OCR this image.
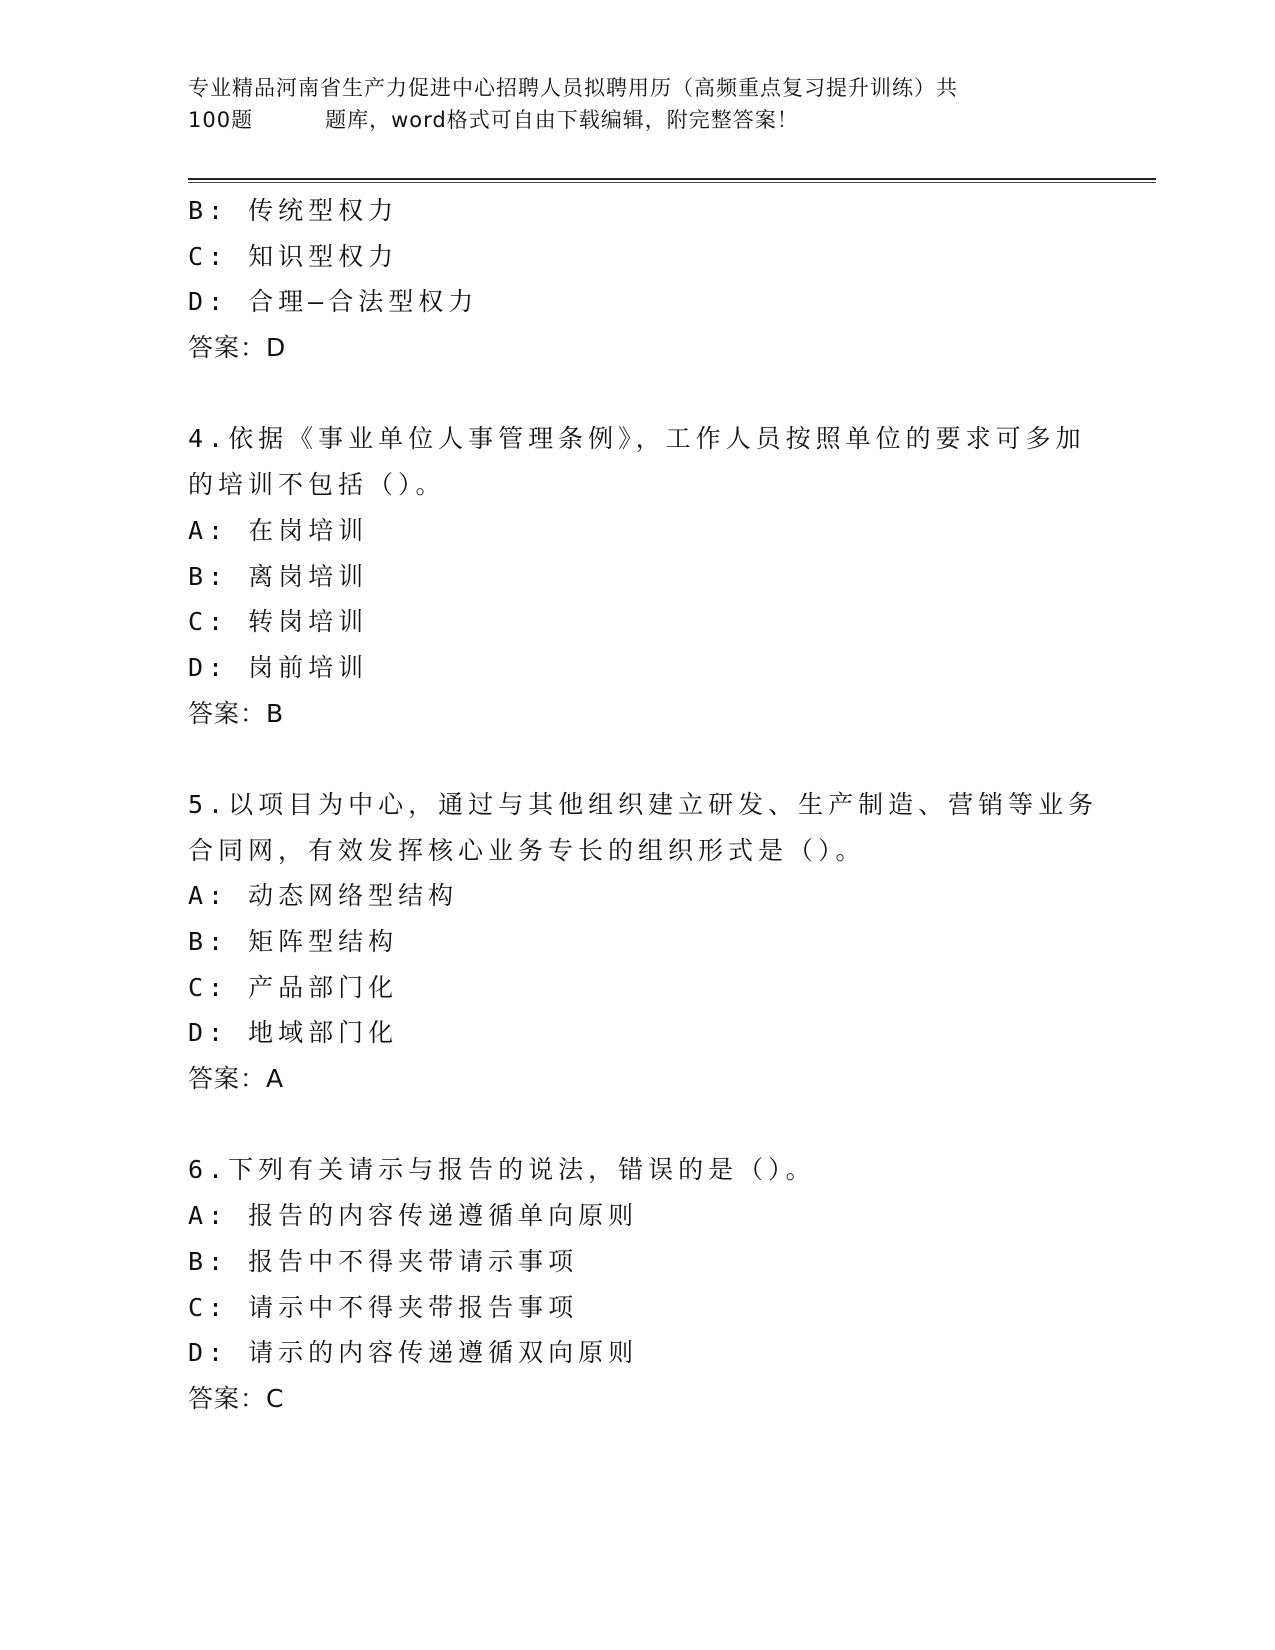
专业精品河南省生产力促进中心招聘人员拟聘用历（高频重点复习提升训练）共
100题	题库，word格式可自由下载编辑，附完整答案！
B: 传统型权力
C: 知识型权力
D: 合理—合法型权力
答案：D
4.依据《事业单位人事管理条例》，工作人员按照单位的要求可多加
的培训不包括（）。
A: 在岗培训
B: 离岗培训
C: 转岗培训
D: 岗前培训
答案：B
5.以项目为中心，通过与其他组织建立研发、生产制造、营销等业务
合同网，有效发挥核心业务专长的组织形式是（）。
A: 动态网络型结构
B: 矩阵型结构
C: 产品部门化
D: 地域部门化
答案：A
6.下列有关请示与报告的说法，错误的是（）。
A: 报告的内容传递遵循单向原则
B: 报告中不得夹带请示事项
C: 请示中不得夹带报告事项
D: 请示的内容传递遵循双向原则
答案：C
